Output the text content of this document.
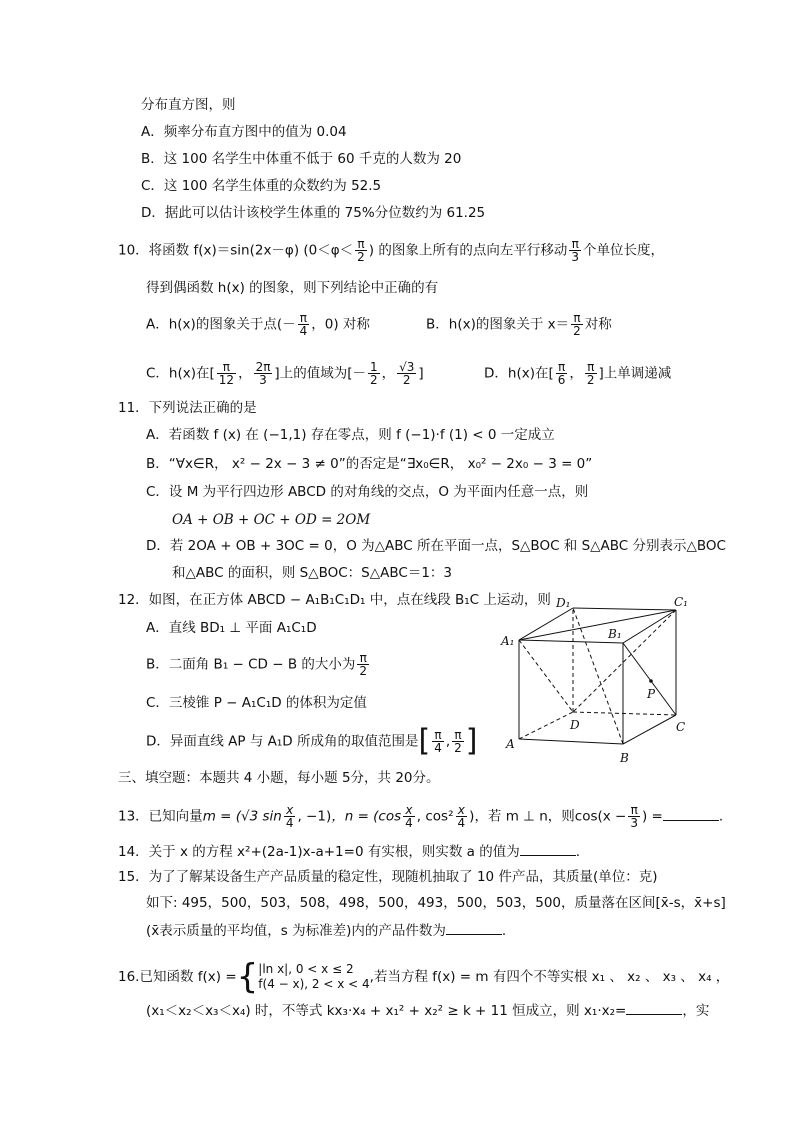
分布直方图，则
A．频率分布直方图中的值为 0.04
B．这 100 名学生中体重不低于 60 千克的人数为 20
C．这 100 名学生体重的众数约为 52.5
D．据此可以估计该校学生体重的 75%分位数约为 61.25
10．将函数 f(x)＝sin(2x－φ) ($0<\varphi< \frac{\pi}{2}$ ) 的图象上所有的点向左平行移动 $\frac{\pi}{3}$ 个单位长度，
得到偶函数 h(x) 的图象，则下列结论中正确的有
A．h(x)的图象关于点(－ $\frac{\pi}{4}$ ，0) 对称	B．h(x)的图象关于 $x= \frac{\pi}{2}$ 对称
C．h(x)在[ $\frac{\pi}{12}$ ， $\frac{2\pi}{3}$ ]上的值域为[－ $\frac{1}{2}$ ， $\frac{√3}{2}$ ]	D．h(x)在[ $\frac{\pi}{6}$ ， $\frac{\pi}{2}$ ]上单调递减
11．下列说法正确的是
A．若函数 f (x) 在 (−1,1) 存在零点，则 f (−1)·f (1) < 0 一定成立
B．“∀x∈R， x² − 2x − 3 ≠ 0”的否定是“∃x₀∈R， x₀² − 2x₀ − 3 = 0”
C．设 M 为平行四边形 ABCD 的对角线的交点，O 为平面内任意一点，则
OA + OB + OC + OD = 2OM
D．若 2OA + OB + 3OC = 0，O 为△ABC 所在平面一点，S△BOC 和 S△ABC 分别表示△BOC
和△ABC 的面积，则 S△BOC：S△ABC＝1：3
12．如图，在正方体 ABCD − A₁B₁C₁D₁ 中，点在线段 B₁C 上运动，则
A．直线 BD₁ ⊥ 平面 A₁C₁D
B．二面角 B₁ − CD − B 的大小为 $\frac{\pi}{2}$
C．三棱锥 P − A₁C₁D 的体积为定值
D．异面直线 AP 与 A₁D 所成角的取值范围是[ $\frac{\pi}{4}$ , $\frac{\pi}{2}$ ]
D₁	C₁
A₁	B₁
P
D	C
A
B
三、填空题：本题共 4 小题，每小题 5分，共 20分。
13．已知向量m = (√3 $\sin \frac{x}{4}$ , −1)，$n = (\cos \frac{x}{4}$ , $\cos^2 \frac{x}{4}$ )，若 m ⊥ n，则$\cos(x - \frac{\pi}{3}$ ) =	.
14．关于 x 的方程 x²+(2a-1)x-a+1=0 有实根，则实数 a 的值为	.
15．为了了解某设备生产产品质量的稳定性，现随机抽取了 10 件产品，其质量(单位：克)
如下: 495，500，503，508，498，500，493，500，503，500，质量落在区间[x̄-s，x̄+s]
(x̄表示质量的平均值，s 为标准差)内的产品件数为	.
16.已知函数 f(x) ={ |ln x|, 0 < x ≤ 2
f(4 − x), 2 < x < 4 ,若当方程 f(x) = m 有四个不等实根 x₁ 、 x₂ 、 x₃ 、 x₄ ，
(x₁＜x₂＜x₃＜x₄) 时，不等式 kx₃·x₄ + x₁² + x₂² ≥ k + 11 恒成立，则 x₁·x₂=	，实
